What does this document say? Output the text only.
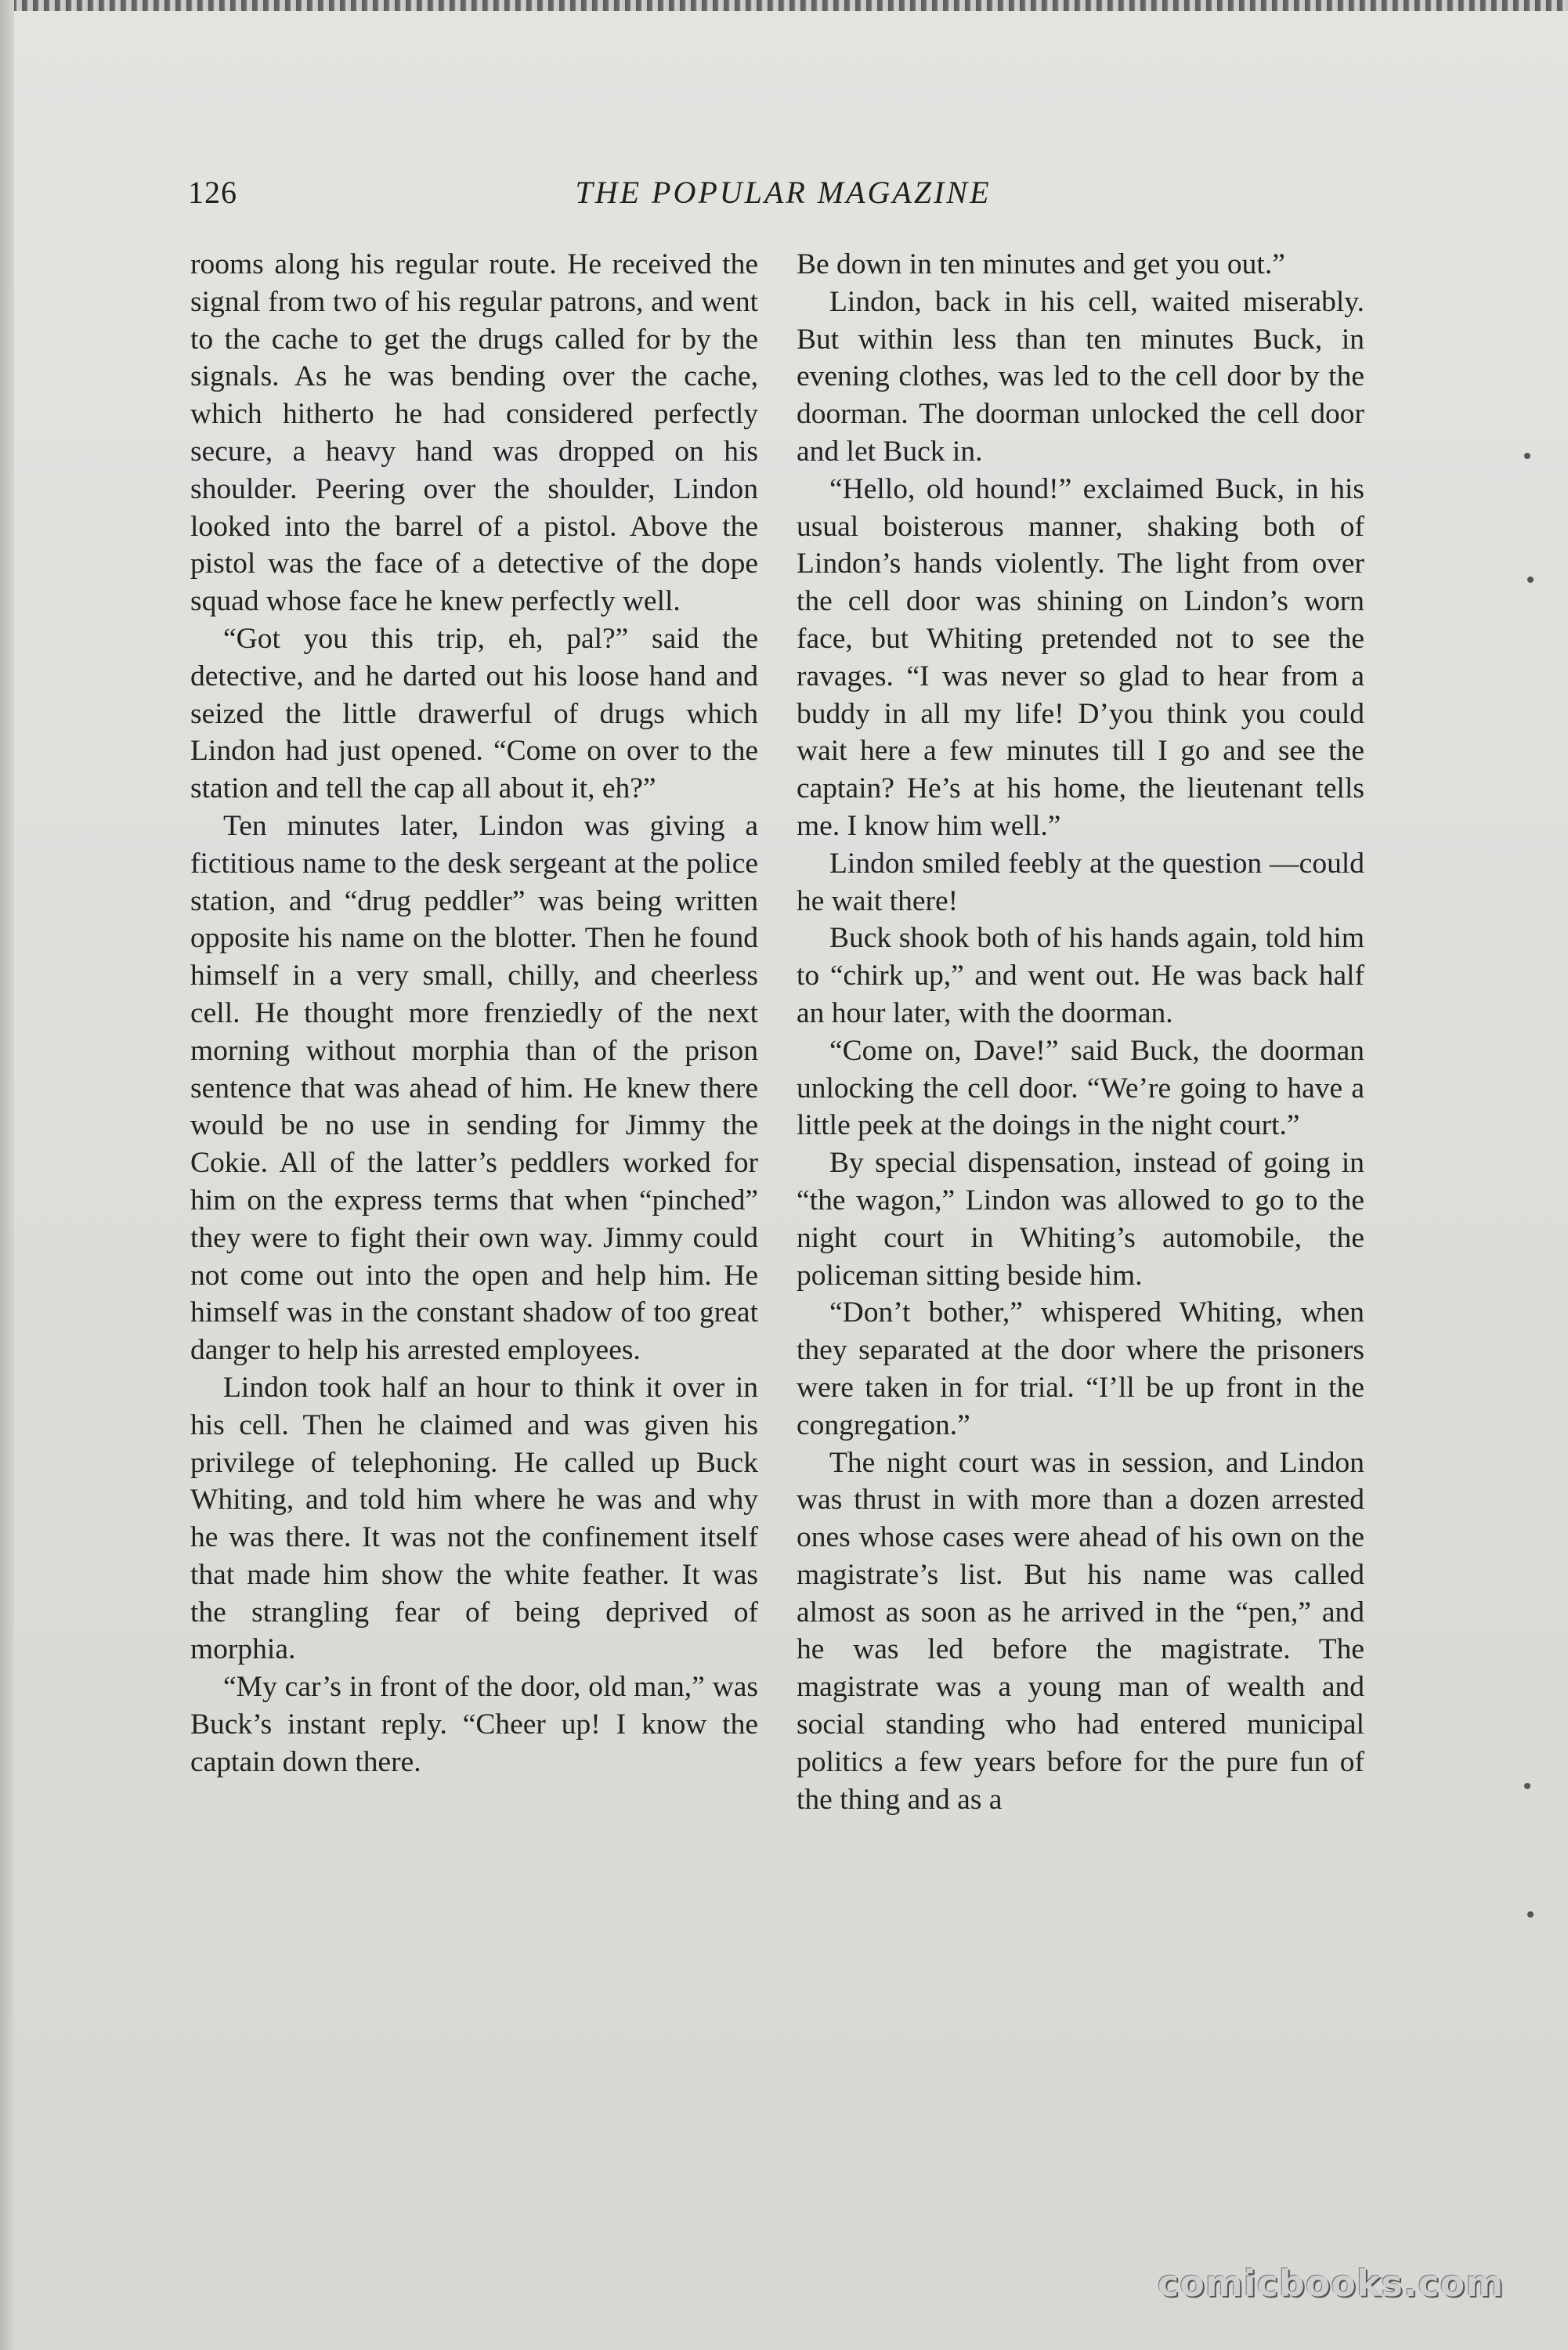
126	THE POPULAR MAGAZINE

rooms along his regular route. He received the signal from two of his regular patrons, and went to the cache to get the drugs called for by the signals. As he was bending over the cache, which hitherto he had considered perfectly secure, a heavy hand was dropped on his shoulder. Peering over the shoulder, Lindon looked into the barrel of a pistol. Above the pistol was the face of a detective of the dope squad whose face he knew perfectly well.

“Got you this trip, eh, pal?” said the detective, and he darted out his loose hand and seized the little drawerful of drugs which Lindon had just opened. “Come on over to the station and tell the cap all about it, eh?”

Ten minutes later, Lindon was giving a fictitious name to the desk sergeant at the police station, and “drug peddler” was being written opposite his name on the blotter. Then he found himself in a very small, chilly, and cheerless cell. He thought more frenziedly of the next morning without morphia than of the prison sentence that was ahead of him. He knew there would be no use in sending for Jimmy the Cokie. All of the latter’s peddlers worked for him on the express terms that when “pinched” they were to fight their own way. Jimmy could not come out into the open and help him. He himself was in the constant shadow of too great danger to help his arrested employees.

Lindon took half an hour to think it over in his cell. Then he claimed and was given his privilege of telephoning. He called up Buck Whiting, and told him where he was and why he was there. It was not the confinement itself that made him show the white feather. It was the strangling fear of being deprived of morphia.

“My car’s in front of the door, old man,” was Buck’s instant reply. “Cheer up! I know the captain down there.

Be down in ten minutes and get you out.”

Lindon, back in his cell, waited miserably. But within less than ten minutes Buck, in evening clothes, was led to the cell door by the doorman. The doorman unlocked the cell door and let Buck in.

“Hello, old hound!” exclaimed Buck, in his usual boisterous manner, shaking both of Lindon’s hands violently. The light from over the cell door was shining on Lindon’s worn face, but Whiting pretended not to see the ravages. “I was never so glad to hear from a buddy in all my life! D’you think you could wait here a few minutes till I go and see the captain? He’s at his home, the lieutenant tells me. I know him well.”

Lindon smiled feebly at the question —could he wait there!

Buck shook both of his hands again, told him to “chirk up,” and went out. He was back half an hour later, with the doorman.

“Come on, Dave!” said Buck, the doorman unlocking the cell door. “We’re going to have a little peek at the doings in the night court.”

By special dispensation, instead of going in “the wagon,” Lindon was allowed to go to the night court in Whiting’s automobile, the policeman sitting beside him.

“Don’t bother,” whispered Whiting, when they separated at the door where the prisoners were taken in for trial. “I’ll be up front in the congregation.”

The night court was in session, and Lindon was thrust in with more than a dozen arrested ones whose cases were ahead of his own on the magistrate’s list. But his name was called almost as soon as he arrived in the “pen,” and he was led before the magistrate. The magistrate was a young man of wealth and social standing who had entered municipal politics a few years before for the pure fun of the thing and as a

comicbooks.com
